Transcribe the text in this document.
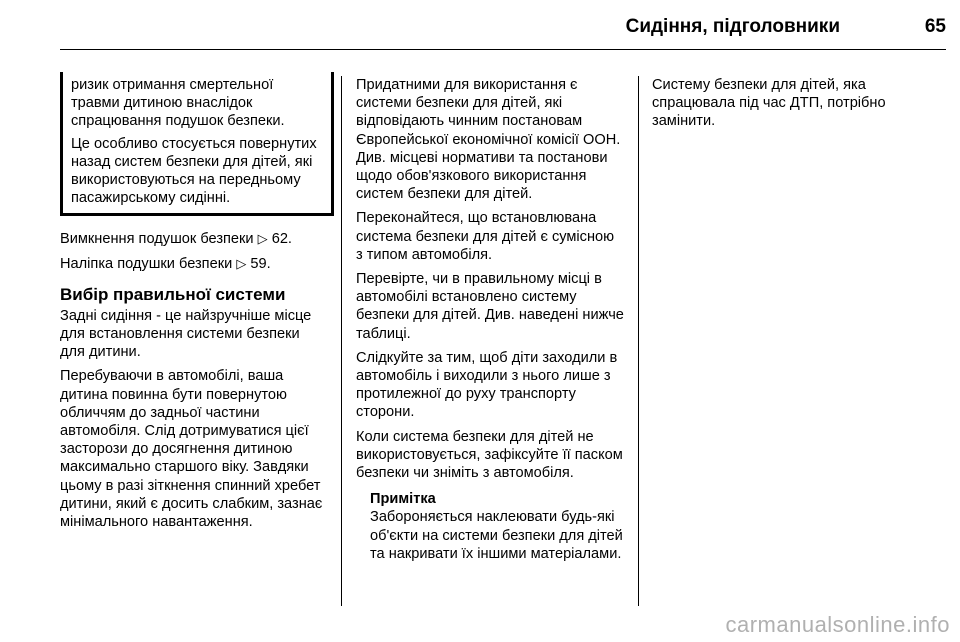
Сидіння, підголовники	65

ризик отримання смертельної травми дитиною внаслідок спрацювання подушок безпеки.

Це особливо стосується повернутих назад систем безпеки для дітей, які використовуються на передньому пасажирському сидінні.

Вимкнення подушок безпеки ▷ 62.

Наліпка подушки безпеки ▷ 59.

Вибір правильної системи

Задні сидіння - це найзручніше місце для встановлення системи безпеки для дитини.

Перебуваючи в автомобілі, ваша дитина повинна бути повернутою обличчям до задньої частини автомобіля. Слід дотримуватися цієї засторози до досягнення дитиною максимально старшого віку. Завдяки цьому в разі зіткнення спинний хребет дитини, який є досить слабким, зазнає мінімального навантаження.

Придатними для використання є системи безпеки для дітей, які відповідають чинним постановам Європейської економічної комісії ООН. Див. місцеві нормативи та постанови щодо обов'язкового використання систем безпеки для дітей.

Переконайтеся, що встановлювана система безпеки для дітей є сумісною з типом автомобіля.

Перевірте, чи в правильному місці в автомобілі встановлено систему безпеки для дітей. Див. наведені нижче таблиці.

Слідкуйте за тим, щоб діти заходили в автомобіль і виходили з нього лише з протилежної до руху транспорту сторони.

Коли система безпеки для дітей не використовується, зафіксуйте її паском безпеки чи зніміть з автомобіля.

Примітка
Забороняється наклеювати будь-які об'єкти на системи безпеки для дітей та накривати їх іншими матеріалами.

Систему безпеки для дітей, яка спрацювала під час ДТП, потрібно замінити.

carmanualsonline.info
